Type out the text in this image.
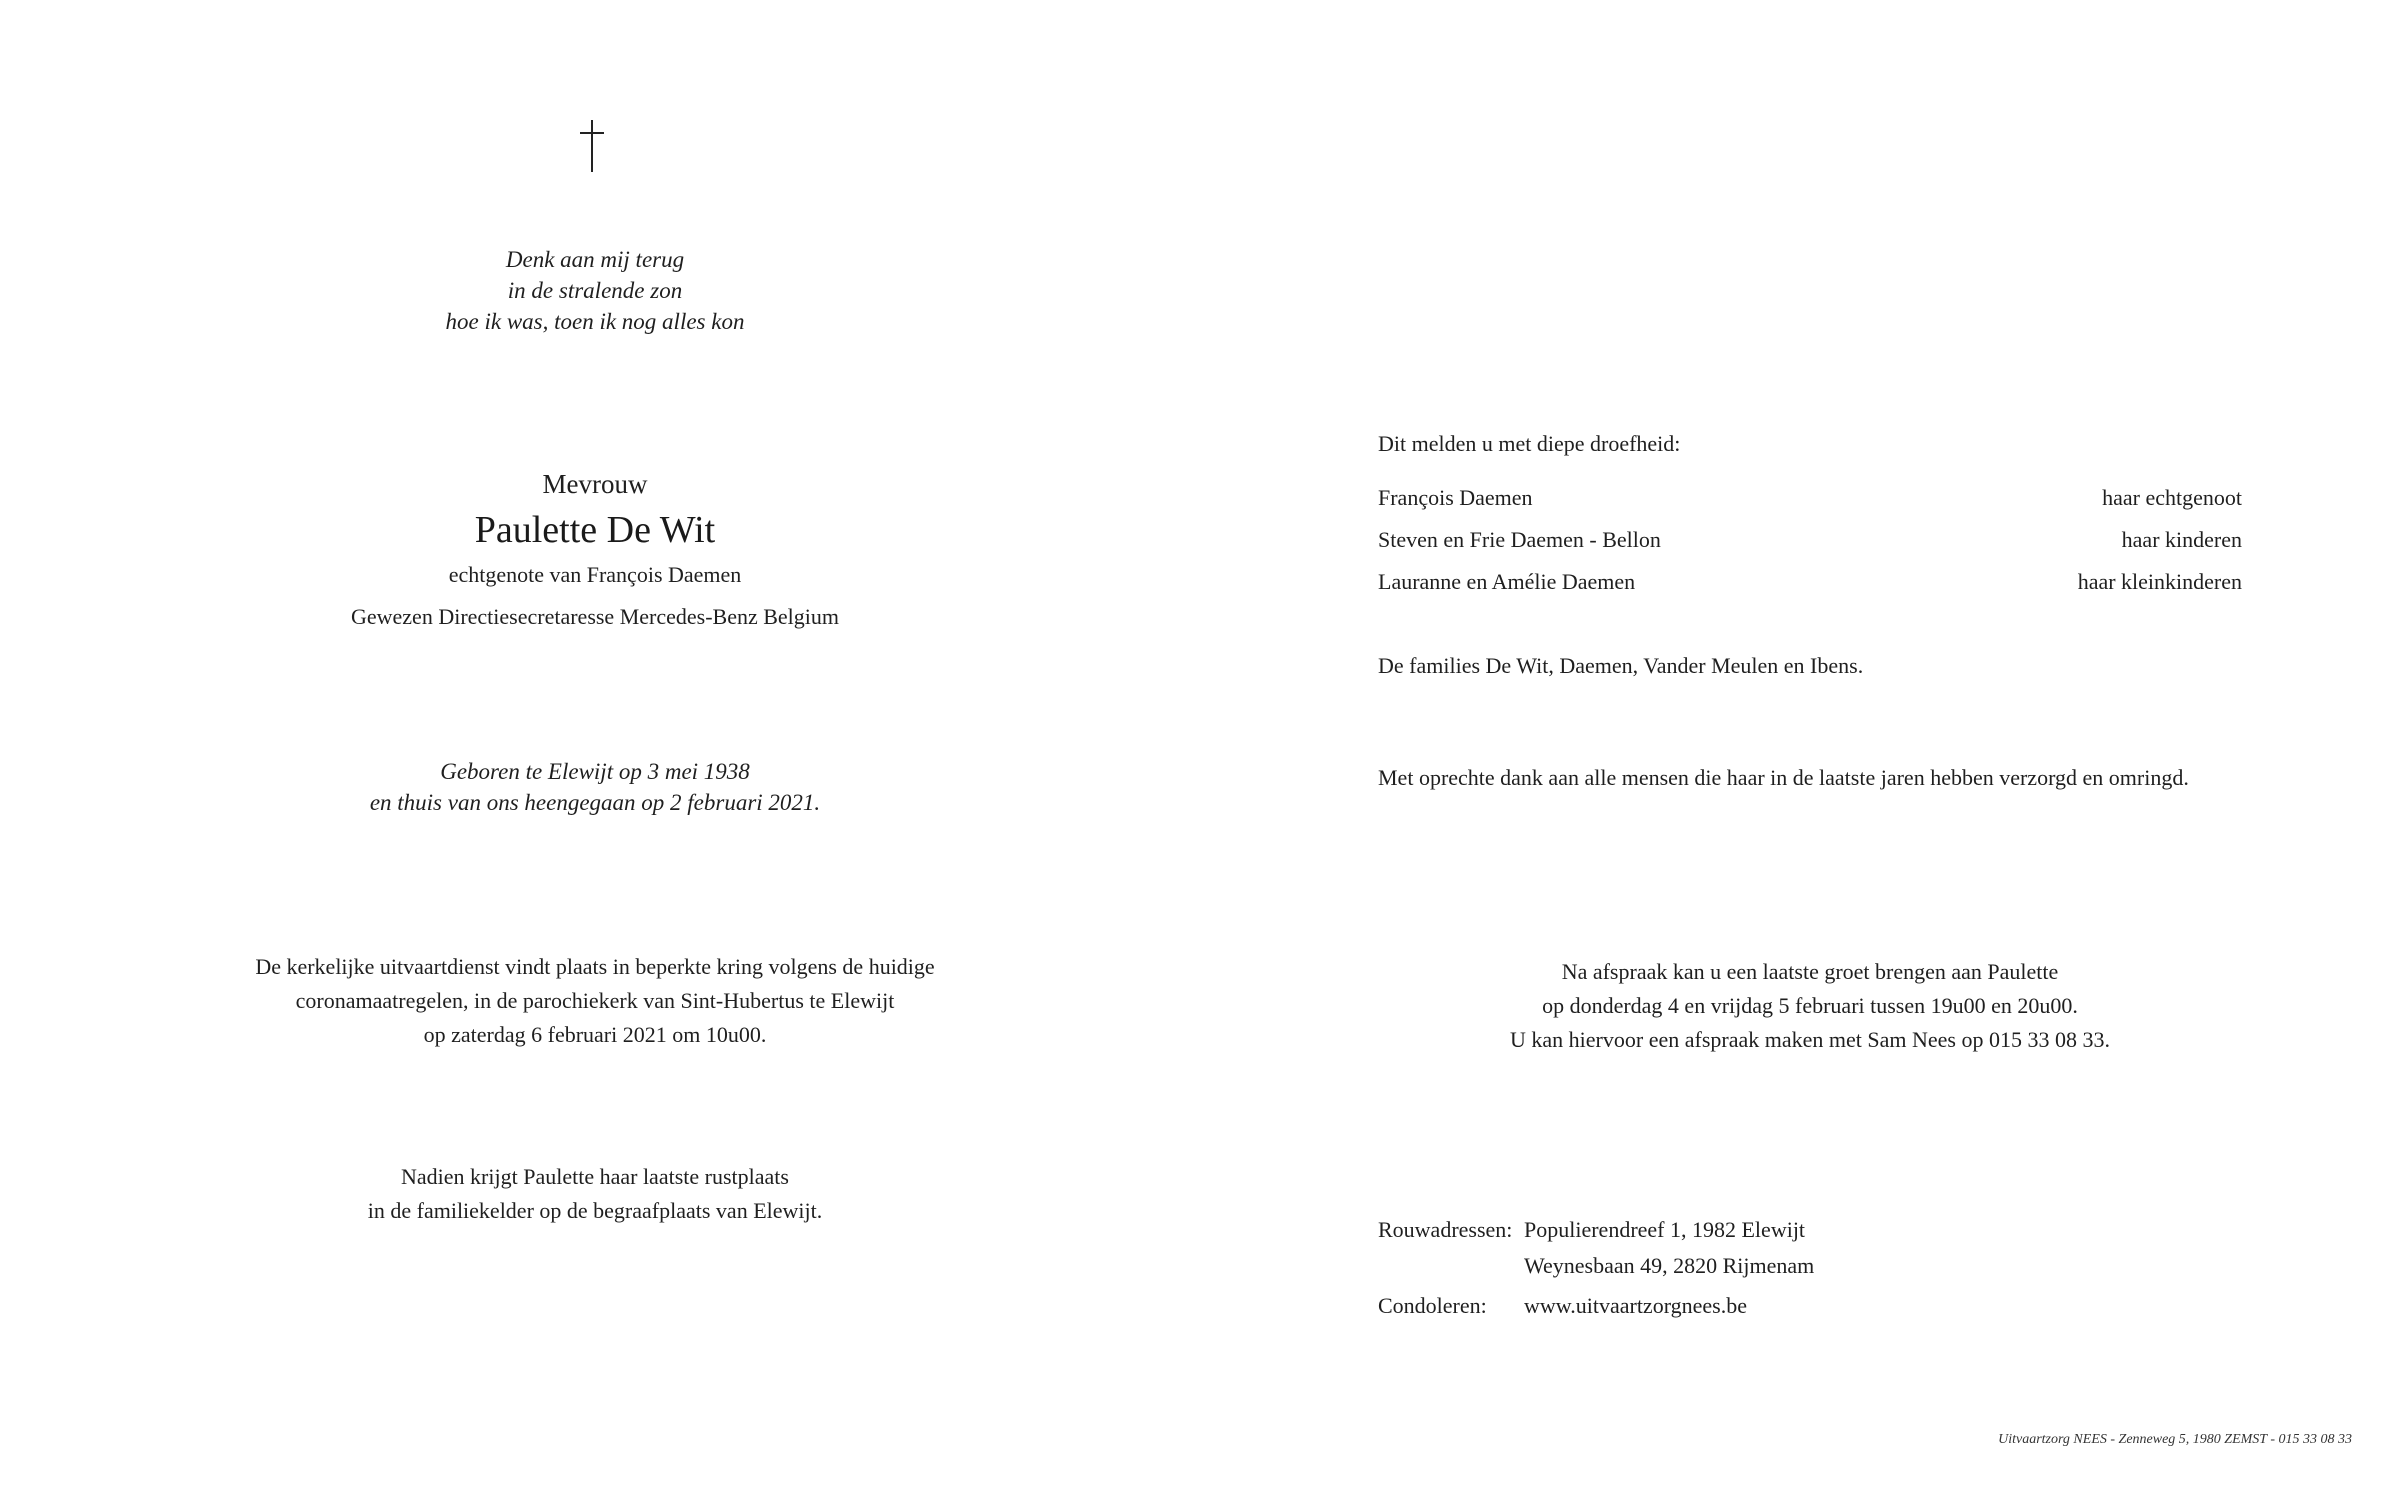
Denk aan mij terug
in de stralende zon
hoe ik was, toen ik nog alles kon
Mevrouw
Paulette De Wit
echtgenote van François Daemen
Gewezen Directiesecretaresse Mercedes-Benz Belgium
Geboren te Elewijt op 3 mei 1938
en thuis van ons heengegaan op 2 februari 2021.
De kerkelijke uitvaartdienst vindt plaats in beperkte kring volgens de huidige
coronamaatregelen, in de parochiekerk van Sint-Hubertus te Elewijt
op zaterdag 6 februari 2021 om 10u00.
Nadien krijgt Paulette haar laatste rustplaats
in de familiekelder op de begraafplaats van Elewijt.
Dit melden u met diepe droefheid:
François Daemen	haar echtgenoot
Steven en Frie Daemen - Bellon	haar kinderen
Lauranne en Amélie Daemen	haar kleinkinderen
De families De Wit, Daemen, Vander Meulen en Ibens.
Met oprechte dank aan alle mensen die haar in de laatste jaren hebben verzorgd en omringd.
Na afspraak kan u een laatste groet brengen aan Paulette
op donderdag 4 en vrijdag 5 februari tussen 19u00 en 20u00.
U kan hiervoor een afspraak maken met Sam Nees op 015 33 08 33.
Rouwadressen: Populierendreef 1, 1982 Elewijt
Weynesbaan 49, 2820 Rijmenam
Condoleren: www.uitvaartzorgnees.be
Uitvaartzorg NEES - Zenneweg 5, 1980 ZEMST - 015 33 08 33
